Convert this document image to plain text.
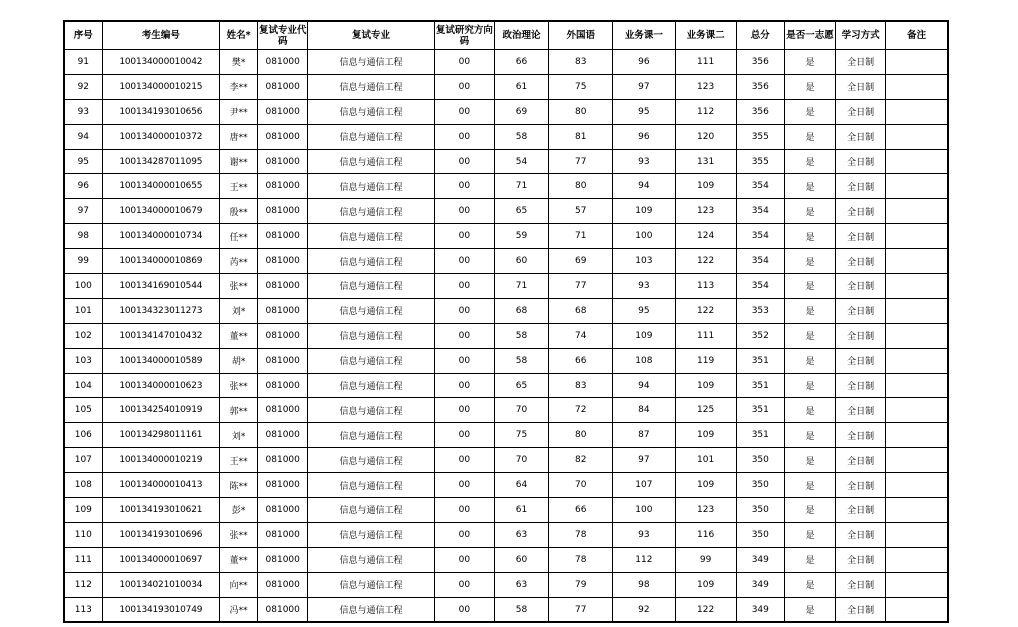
序号	考生编号	姓名*	复试专业代码	复试专业	复试研究方向码	政治理论	外国语	业务课一	业务课二	总分	是否一志愿	学习方式	备注
91	100134000010042	樊*	081000	信息与通信工程	00	66	83	96	111	356	是	全日制	
92	100134000010215	李**	081000	信息与通信工程	00	61	75	97	123	356	是	全日制	
93	100134193010656	尹**	081000	信息与通信工程	00	69	80	95	112	356	是	全日制	
94	100134000010372	唐**	081000	信息与通信工程	00	58	81	96	120	355	是	全日制	
95	100134287011095	谢**	081000	信息与通信工程	00	54	77	93	131	355	是	全日制	
96	100134000010655	王**	081000	信息与通信工程	00	71	80	94	109	354	是	全日制	
97	100134000010679	殷**	081000	信息与通信工程	00	65	57	109	123	354	是	全日制	
98	100134000010734	任**	081000	信息与通信工程	00	59	71	100	124	354	是	全日制	
99	100134000010869	芮**	081000	信息与通信工程	00	60	69	103	122	354	是	全日制	
100	100134169010544	张**	081000	信息与通信工程	00	71	77	93	113	354	是	全日制	
101	100134323011273	刘*	081000	信息与通信工程	00	68	68	95	122	353	是	全日制	
102	100134147010432	董**	081000	信息与通信工程	00	58	74	109	111	352	是	全日制	
103	100134000010589	胡*	081000	信息与通信工程	00	58	66	108	119	351	是	全日制	
104	100134000010623	张**	081000	信息与通信工程	00	65	83	94	109	351	是	全日制	
105	100134254010919	郭**	081000	信息与通信工程	00	70	72	84	125	351	是	全日制	
106	100134298011161	刘*	081000	信息与通信工程	00	75	80	87	109	351	是	全日制	
107	100134000010219	王**	081000	信息与通信工程	00	70	82	97	101	350	是	全日制	
108	100134000010413	陈**	081000	信息与通信工程	00	64	70	107	109	350	是	全日制	
109	100134193010621	彭*	081000	信息与通信工程	00	61	66	100	123	350	是	全日制	
110	100134193010696	张**	081000	信息与通信工程	00	63	78	93	116	350	是	全日制	
111	100134000010697	董**	081000	信息与通信工程	00	60	78	112	99	349	是	全日制	
112	100134021010034	向**	081000	信息与通信工程	00	63	79	98	109	349	是	全日制	
113	100134193010749	冯**	081000	信息与通信工程	00	58	77	92	122	349	是	全日制	
